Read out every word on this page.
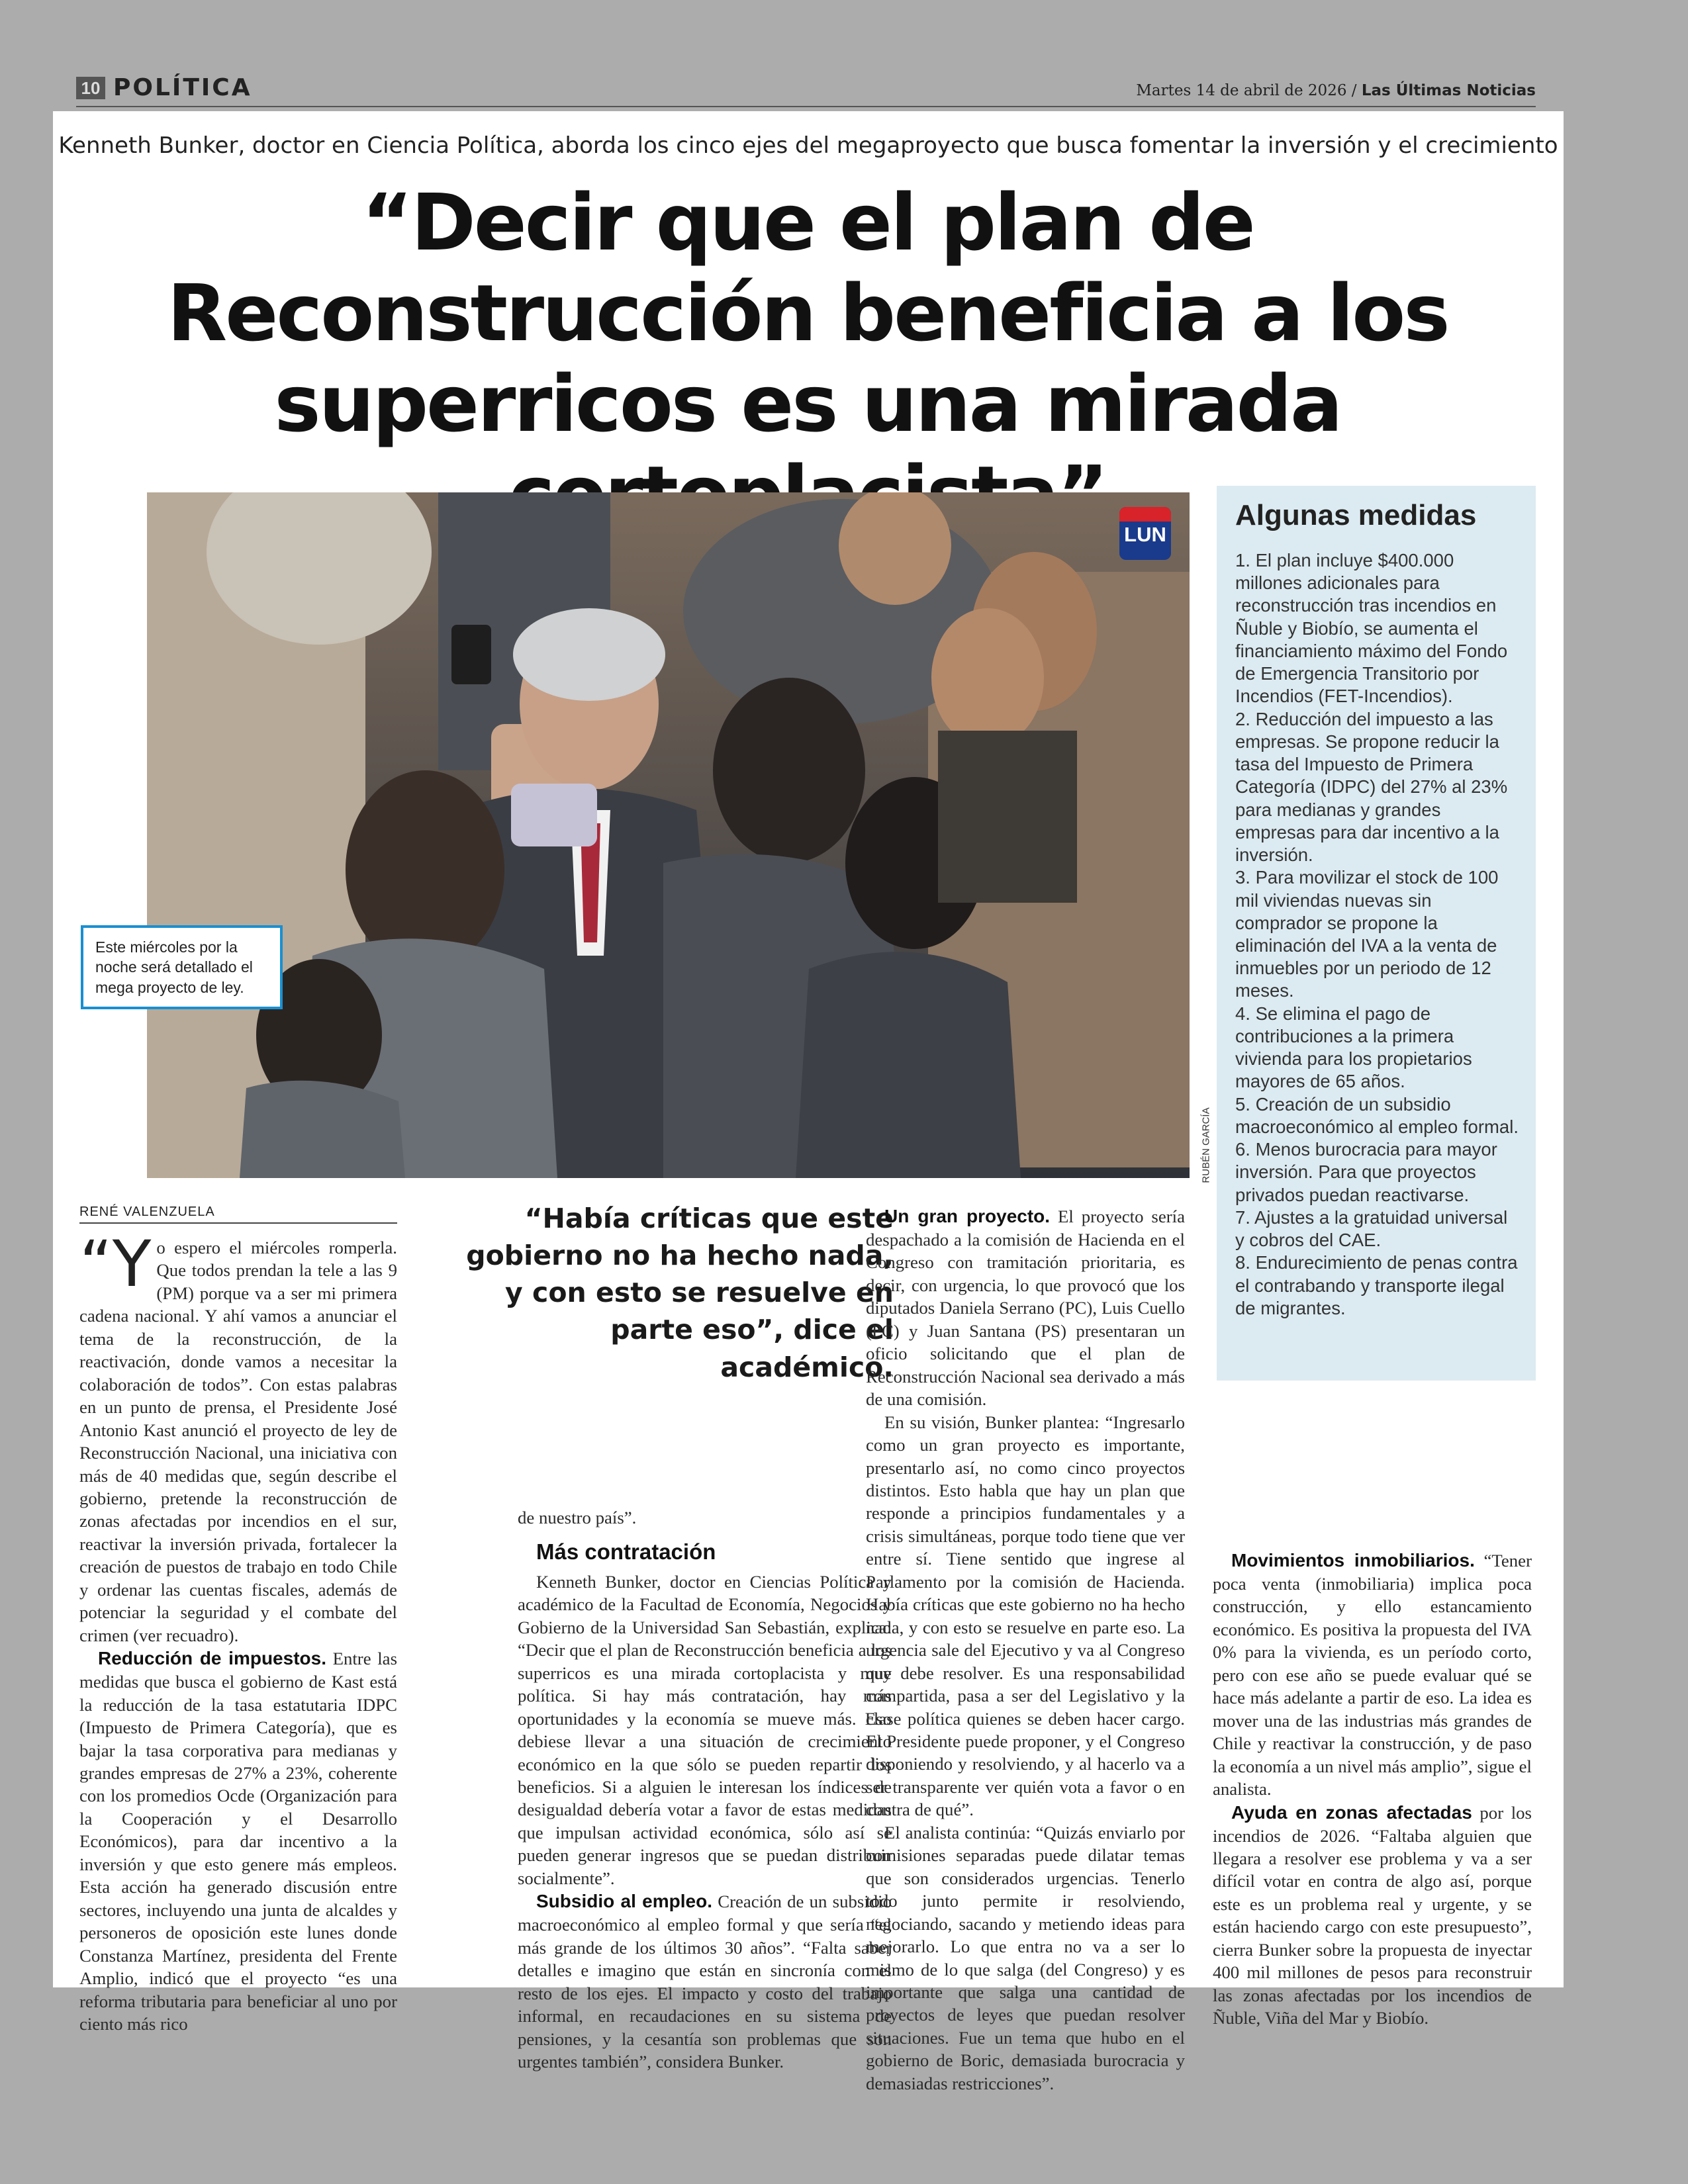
10 POLÍTICA	Martes 14 de abril de 2026 / Las Últimas Noticias
Kenneth Bunker, doctor en Ciencia Política, aborda los cinco ejes del megaproyecto que busca fomentar la inversión y el crecimiento
“Decir que el plan de Reconstrucción beneficia a los superricos es una mirada
LUN
RUBÉN GARCÍA
Este miércoles por la noche será detallado el mega proyecto de ley.
Algunas medidas

1. El plan incluye $400.000 millones adicionales para reconstrucción tras incendios en Ñuble y Biobío, se aumenta el financiamiento máximo del Fondo de Emergencia Transitorio por Incendios (FET-Incendios).

2. Reducción del impuesto a las empresas. Se propone reducir la tasa del Impuesto de Primera Categoría (IDPC) del 27% al 23% para medianas y grandes empresas para dar incentivo a la inversión.

3. Para movilizar el stock de 100 mil viviendas nuevas sin comprador se propone la eliminación del IVA a la venta de inmuebles por un periodo de 12 meses.

4. Se elimina el pago de contribuciones a la primera vivienda para los propietarios mayores de 65 años.

5. Creación de un subsidio macroeconómico al empleo formal.

6. Menos burocracia para mayor inversión. Para que proyectos privados puedan reactivarse.

7. Ajustes a la gratuidad universal y cobros del CAE.

8. Endurecimiento de penas contra el contrabando y transporte ilegal de migrantes.

RENÉ VALENZUELA

“Yo espero el miércoles romperla. Que todos prendan la tele a las 9 (PM) porque va a ser mi primera cadena nacional. Y ahí vamos a anunciar el tema de la reconstrucción, de la reactivación, donde vamos a necesitar la colaboración de todos”. Con estas palabras en un punto de prensa, el Presidente José Antonio Kast anunció el proyecto de ley de Reconstrucción Nacional, una iniciativa con más de 40 medidas que, según describe el gobierno, pretende la reconstrucción de zonas afectadas por incendios en el sur, reactivar la inversión privada, fortalecer la creación de puestos de trabajo en todo Chile y ordenar las cuentas fiscales, además de potenciar la seguridad y el combate del crimen (ver recuadro).

Reducción de impuestos. Entre las medidas que busca el gobierno de Kast está la reducción de la tasa estatutaria IDPC (Impuesto de Primera Categoría), que es bajar la tasa corporativa para medianas y grandes empresas de 27% a 23%, coherente con los promedios Ocde (Organización para la Cooperación y el Desarrollo Económicos), para dar incentivo a la inversión y que esto genere más empleos. Esta acción ha generado discusión entre sectores, incluyendo una junta de alcaldes y personeros de oposición este lunes donde Constanza Martínez, presidenta del Frente Amplio, indicó que el proyecto “es una reforma tributaria para beneficiar al uno por ciento más rico

“Había críticas que este gobierno no ha hecho nada, y con esto se resuelve en parte eso”, dice el académico.

de nuestro país”.

Más contratación

Kenneth Bunker, doctor en Ciencias Política y académico de la Facultad de Economía, Negocios y Gobierno de la Universidad San Sebastián, explica: “Decir que el plan de Reconstrucción beneficia a los superricos es una mirada cortoplacista y muy política. Si hay más contratación, hay más oportunidades y la economía se mueve más. Eso debiese llevar a una situación de crecimiento económico en la que sólo se pueden repartir los beneficios. Si a alguien le interesan los índices de desigualdad debería votar a favor de estas medidas que impulsan actividad económica, sólo así se pueden generar ingresos que se puedan distribuir socialmente”.

Subsidio al empleo. Creación de un subsidio macroeconómico al empleo formal y que sería “el más grande de los últimos 30 años”. “Falta saber detalles e imagino que están en sincronía con el resto de los ejes. El impacto y costo del trabajo informal, en recaudaciones en su sistema de pensiones, y la cesantía son problemas que son urgentes también”, considera Bunker.

Un gran proyecto. El proyecto sería despachado a la comisión de Hacienda en el Congreso con tramitación prioritaria, es decir, con urgencia, lo que provocó que los diputados Daniela Serrano (PC), Luis Cuello (PC) y Juan Santana (PS) presentaran un oficio solicitando que el plan de Reconstrucción Nacional sea derivado a más de una comisión.

En su visión, Bunker plantea: “Ingresarlo como un gran proyecto es importante, presentarlo así, no como cinco proyectos distintos. Esto habla que hay un plan que responde a principios fundamentales y a crisis simultáneas, porque todo tiene que ver entre sí. Tiene sentido que ingrese al Parlamento por la comisión de Hacienda. Había críticas que este gobierno no ha hecho nada, y con esto se resuelve en parte eso. La urgencia sale del Ejecutivo y va al Congreso que debe resolver. Es una responsabilidad compartida, pasa a ser del Legislativo y la clase política quienes se deben hacer cargo. El Presidente puede proponer, y el Congreso disponiendo y resolviendo, y al hacerlo va a ser transparente ver quién vota a favor o en contra de qué”.

El analista continúa: “Quizás enviarlo por comisiones separadas puede dilatar temas que son considerados urgencias. Tenerlo todo junto permite ir resolviendo, negociando, sacando y metiendo ideas para mejorarlo. Lo que entra no va a ser lo mismo de lo que salga (del Congreso) y es importante que salga una cantidad de proyectos de leyes que puedan resolver situaciones. Fue un tema que hubo en el gobierno de Boric, demasiada burocracia y demasiadas restricciones”.

Movimientos inmobiliarios. “Tener poca venta (inmobiliaria) implica poca construcción, y ello estancamiento económico. Es positiva la propuesta del IVA 0% para la vivienda, es un período corto, pero con ese año se puede evaluar qué se hace más adelante a partir de eso. La idea es mover una de las industrias más grandes de Chile y reactivar la construcción, y de paso la economía a un nivel más amplio”, sigue el analista.

Ayuda en zonas afectadas por los incendios de 2026. “Faltaba alguien que llegara a resolver ese problema y va a ser difícil votar en contra de algo así, porque este es un problema real y urgente, y se están haciendo cargo con este presupuesto”, cierra Bunker sobre la propuesta de inyectar 400 mil millones de pesos para reconstruir las zonas afectadas por los incendios de Ñuble, Viña del Mar y Biobío.
